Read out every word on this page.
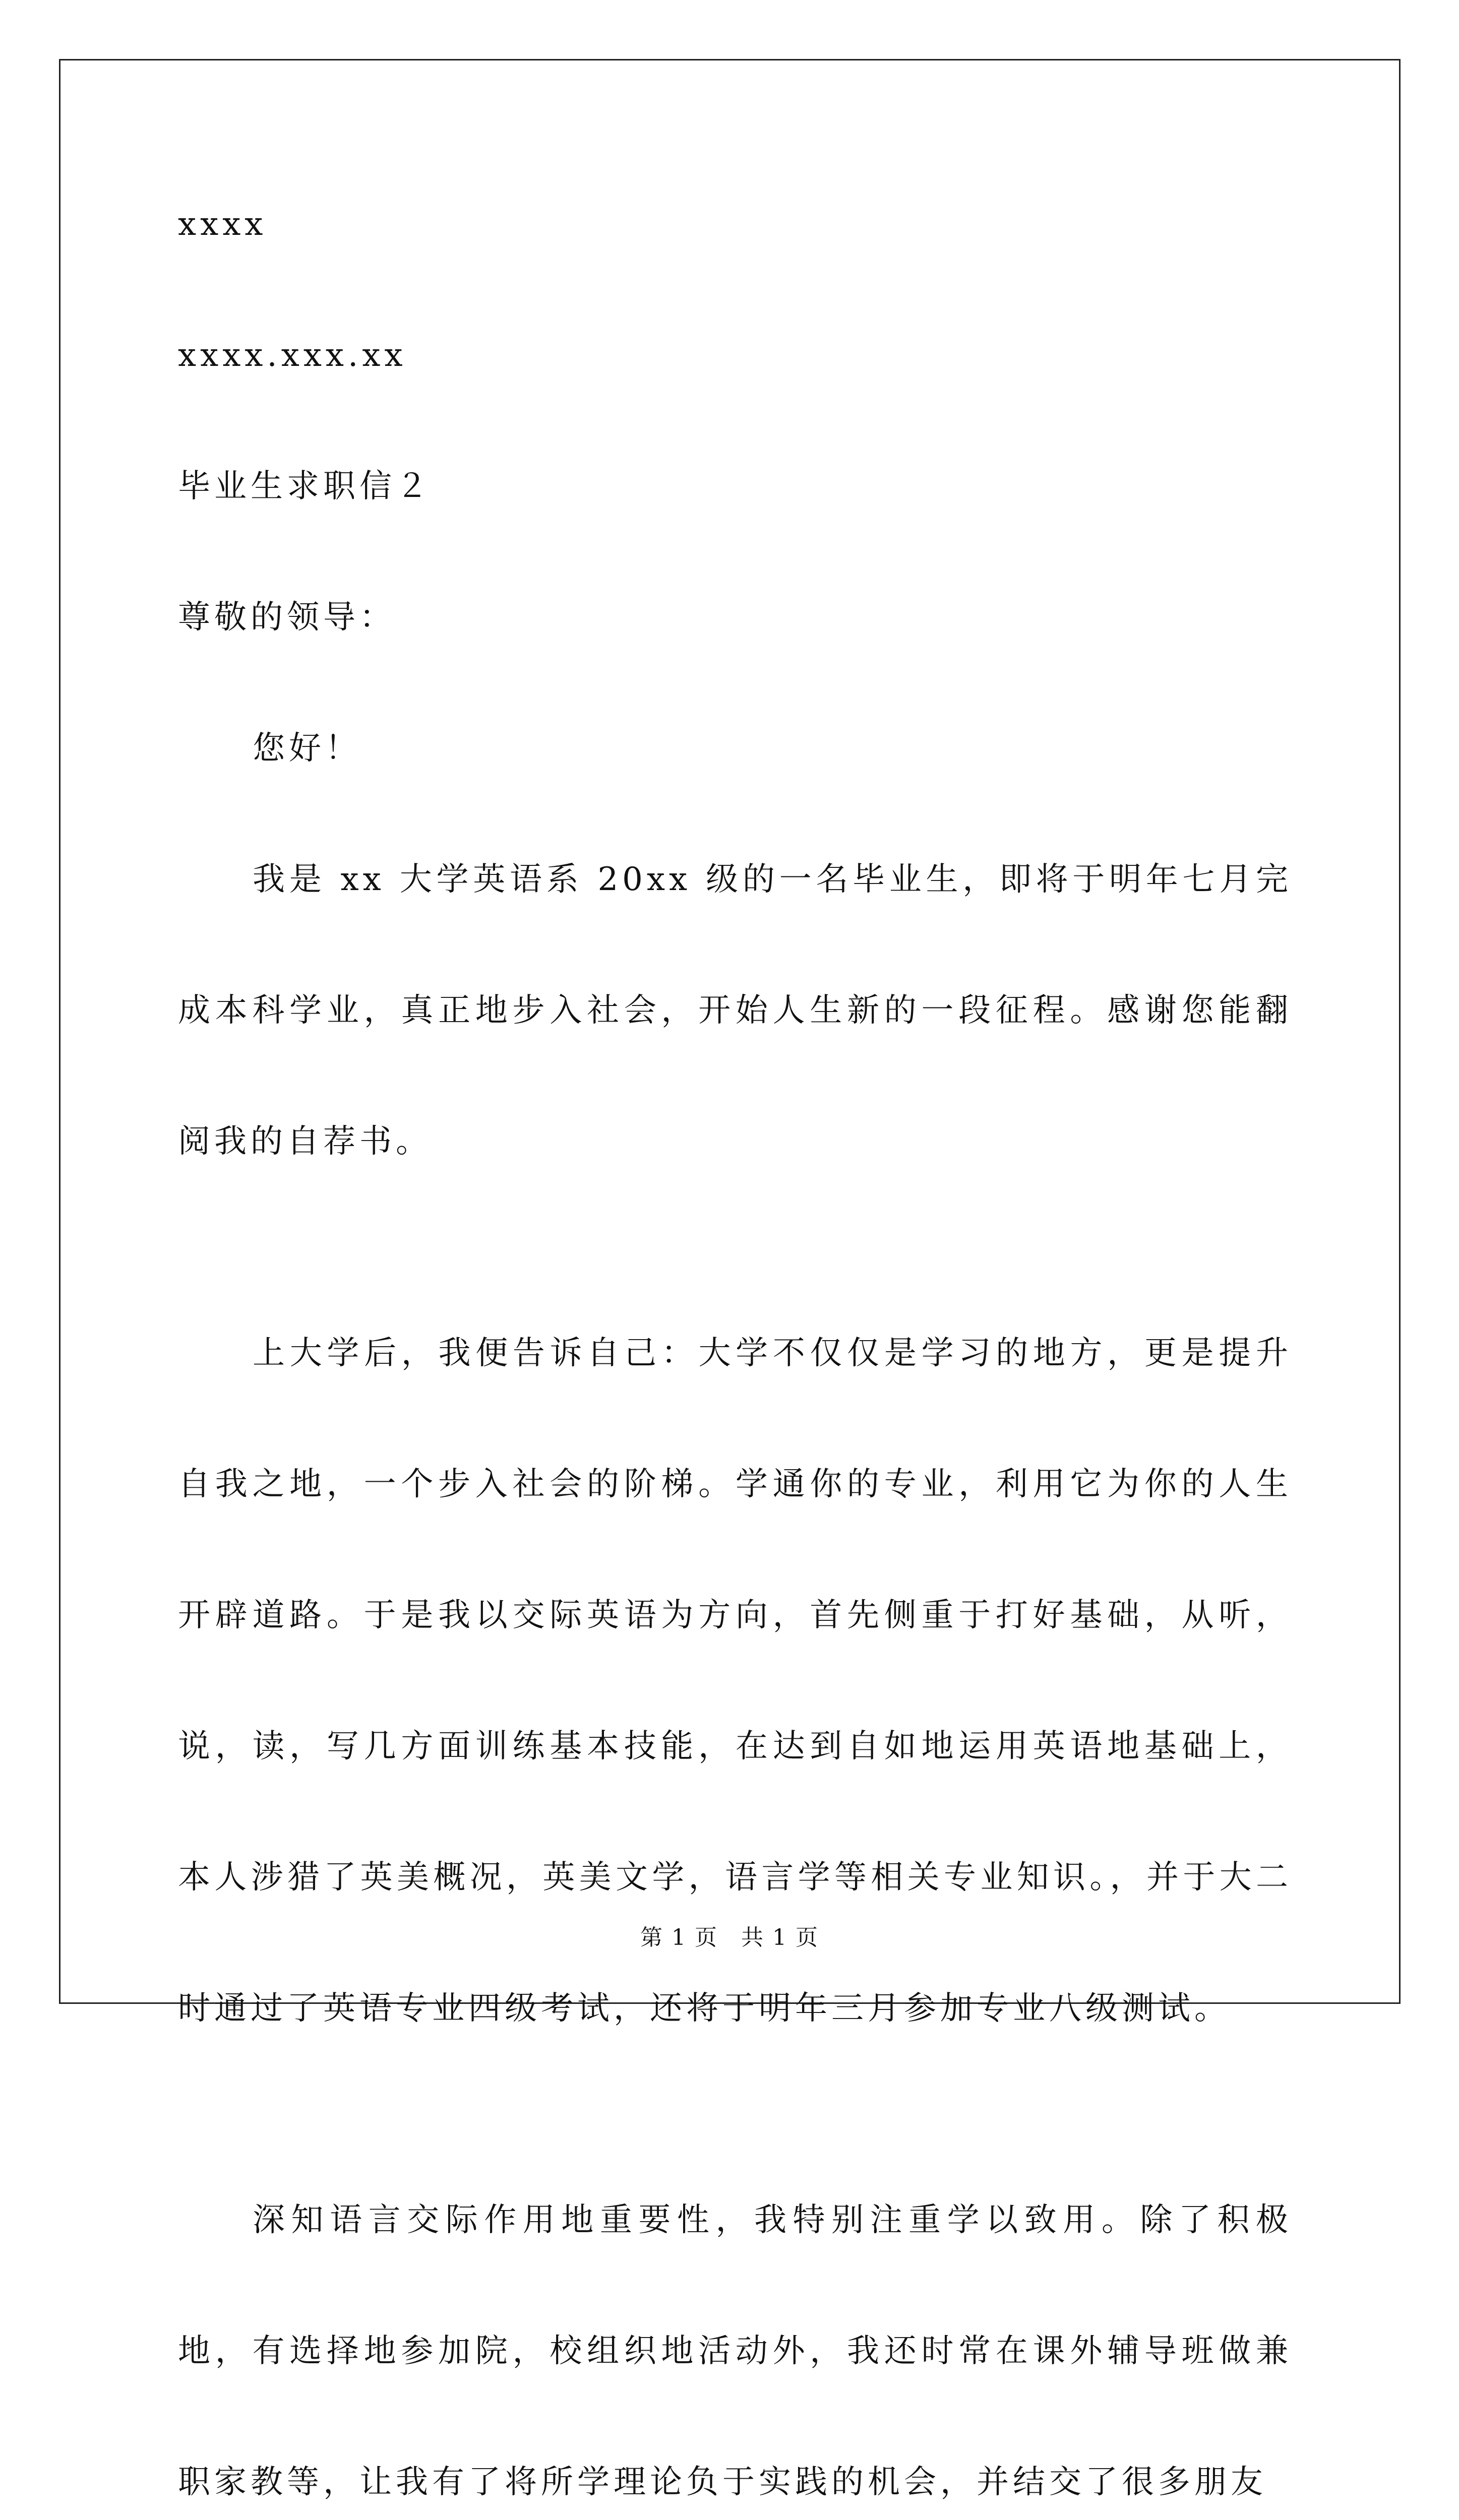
xxxx
xxxx.xxx.xx
毕业生求职信２
尊敬的领导：
您好！
我是 xx 大学英语系 20xx 级的一名毕业生，即将于明年七月完成本科学业，真正地步入社会，开始人生新的一段征程。感谢您能翻阅我的自荐书。
上大学后，我便告诉自己：大学不仅仅是学习的地方，更是提升自我之地，一个步入社会的阶梯。学通你的专业，利用它为你的人生开辟道路。于是我以交际英语为方向，首先侧重于打好基础，从听，说，读，写几方面训练基本技能，在达到自如地运用英语地基础上，本人涉猎了英美概况，英美文学，语言学等相关专业知识。，并于大二时通过了英语专业四级考试，还将于明年三月参加专业八级测试。
深知语言交际作用地重要性，我特别注重学以致用。除了积极地，有选择地参加院，校组织地活动外，我还时常在课外辅导班做兼职家教等，让我有了将所学理论负于实践的机会，并结交了很多朋友
第 1 页　共 1 页
